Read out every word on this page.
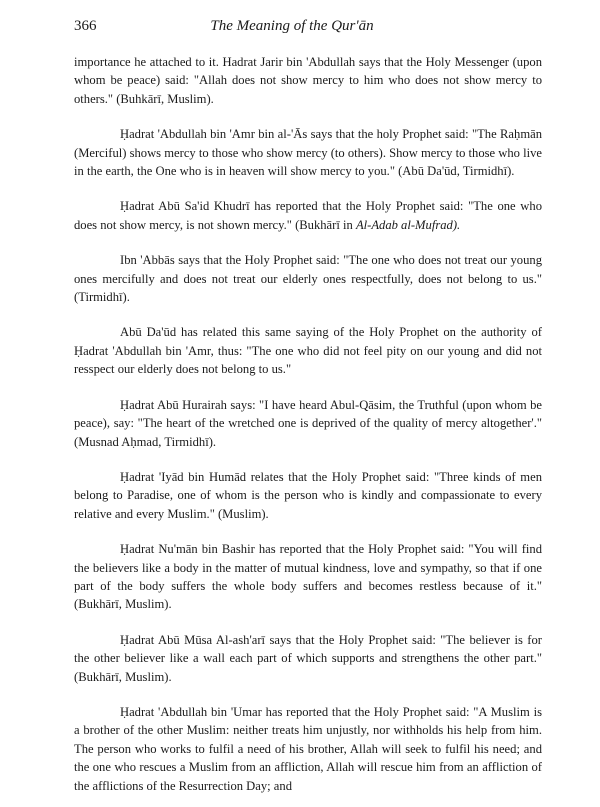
366	The Meaning of the Qur'ān

importance he attached to it. Hadrat Jarir bin 'Abdullah says that the Holy Messenger (upon whom be peace) said: "Allah does not show mercy to him who does not show mercy to others." (Buhkārī, Muslim).

Ḥadrat 'Abdullah bin 'Amr bin al-'Ās says that the holy Prophet said: "The Raḥmān (Merciful) shows mercy to those who show mercy (to others). Show mercy to those who live in the earth, the One who is in heaven will show mercy to you." (Abū Da'ūd, Tirmidhī).

Ḥadrat Abū Sa'id Khudrī has reported that the Holy Prophet said: "The one who does not show mercy, is not shown mercy." (Bukhārī in Al-Adab al-Mufrad).

Ibn 'Abbās says that the Holy Prophet said: "The one who does not treat our young ones mercifully and does not treat our elderly ones respectfully, does not belong to us." (Tirmidhī).

Abū Da'ūd has related this same saying of the Holy Prophet on the authority of Ḥadrat 'Abdullah bin 'Amr, thus: "The one who did not feel pity on our young and did not resspect our elderly does not belong to us."

Ḥadrat Abū Hurairah says: "I have heard Abul-Qāsim, the Truthful (upon whom be peace), say: "The heart of the wretched one is deprived of the quality of mercy altogether'." (Musnad Aḥmad, Tirmidhī).

Ḥadrat 'Iyād bin Humād relates that the Holy Prophet said: "Three kinds of men belong to Paradise, one of whom is the person who is kindly and compassionate to every relative and every Muslim." (Muslim).

Ḥadrat Nu'mān bin Bashir has reported that the Holy Prophet said: "You will find the believers like a body in the matter of mutual kindness, love and sympathy, so that if one part of the body suffers the whole body suffers and becomes restless because of it." (Bukhārī, Muslim).

Ḥadrat Abū Mūsa Al-ash'arī says that the Holy Prophet said: "The believer is for the other believer like a wall each part of which supports and strengthens the other part." (Bukhārī, Muslim).

Ḥadrat 'Abdullah bin 'Umar has reported that the Holy Prophet said: "A Muslim is a brother of the other Muslim: neither treats him unjustly, nor withholds his help from him. The person who works to fulfil a need of his brother, Allah will seek to fulfil his need; and the one who rescues a Muslim from an affliction, Allah will rescue him from an affliction of the afflictions of the Resurrection Day; and
